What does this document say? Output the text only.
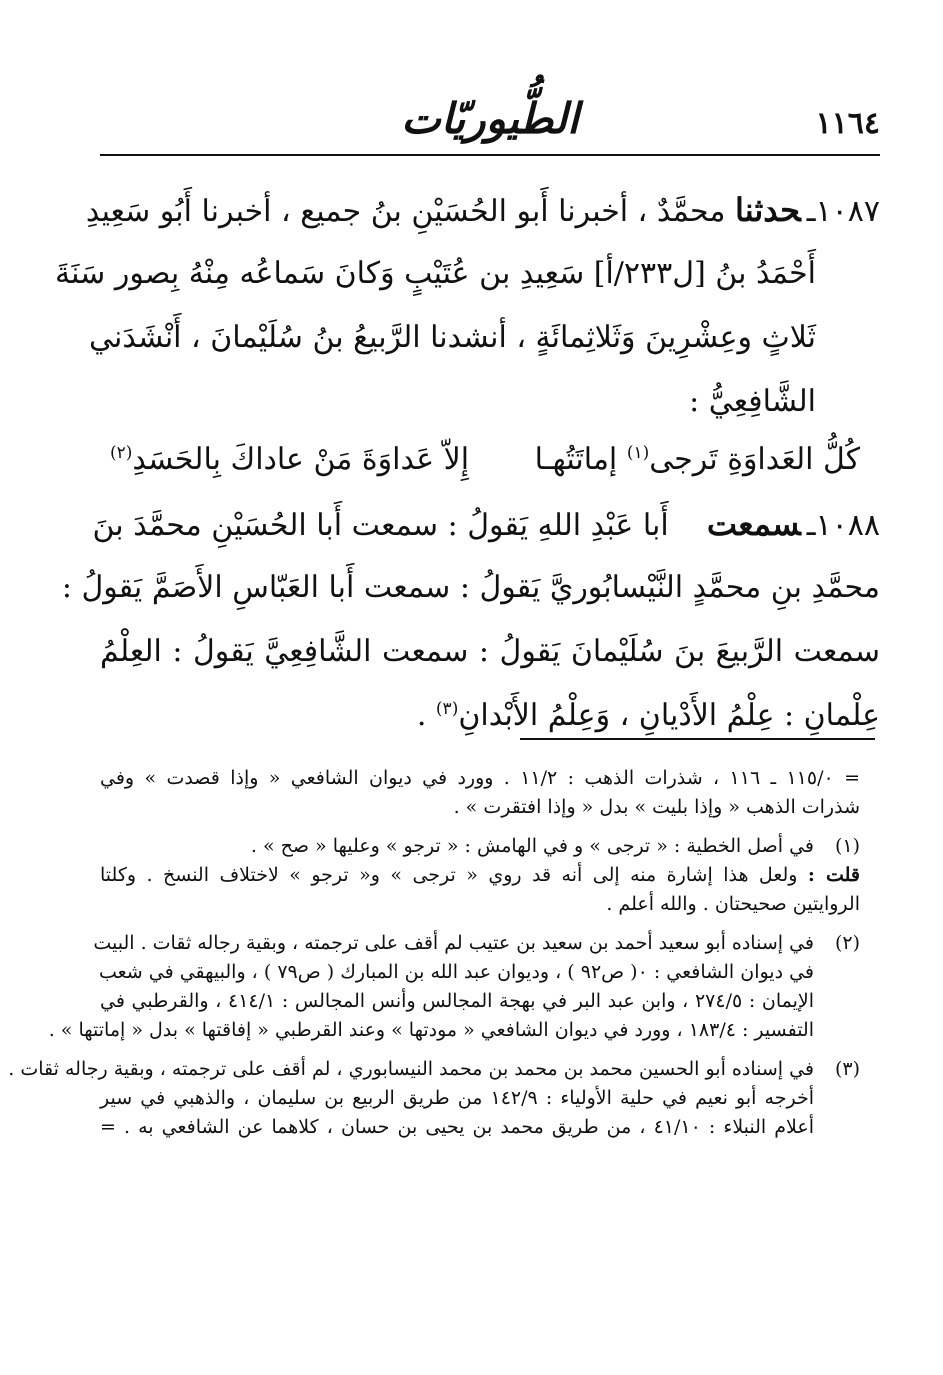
١١٦٤
الطُّيوريّات
١٠٨٧ـحدثنا محمَّدٌ ، أخبرنا أَبو الحُسَيْنِ بنُ جميع ، أخبرنا أَبُو سَعِيدِ
أَحْمَدُ بنُ [ل٢٣٣/أ] سَعِيدِ بن عُتَيْبٍ وَكانَ سَماعُه مِنْهُ بِصور سَنَةَ
ثَلاثٍ وعِشْرِينَ وَثَلاثِمائَةٍ ، أنشدنا الرَّبيعُ بنُ سُلَيْمانَ ، أَنْشَدَني
الشَّافِعِيُّ :
كُلُّ العَداوَةِ تَرجى$^{(١)}$ إماتَتُهـا
إِلاّ عَداوَةَ مَنْ عاداكَ بِالحَسَدِ$^{(٢)}$
١٠٨٨ـسمعت    أَبا عَبْدِ اللهِ يَقولُ : سمعت أَبا الحُسَيْنِ محمَّدَ بنَ
محمَّدِ بنِ محمَّدٍ النَّيْسابُوريَّ يَقولُ : سمعت أَبا العَبّاسِ الأَصَمَّ يَقولُ :
سمعت الرَّبيعَ بنَ سُلَيْمانَ يَقولُ : سمعت الشَّافِعِيَّ يَقولُ : العِلْمُ
عِلْمانِ : عِلْمُ الأَدْيانِ ، وَعِلْمُ الأَبْدانِ$^{(٣)}$ .
= ١١٥/٠ ـ ١١٦ ، شذرات الذهب : ١١/٢ . وورد في ديوان الشافعي « وإذا قصدت » وفي
شذرات الذهب « وإذا بليت » بدل « وإذا افتقرت » .
(١)
في أصل الخطية : « ترجى » و في الهامش : « ترجو » وعليها « صح » .
قلت : ولعل هذا إشارة منه إلى أنه قد روي « ترجى » و« ترجو » لاختلاف النسخ . وكلتا
الروايتين صحيحتان . والله أعلم .
(٢)
في إسناده أبو سعيد أحمد بن سعيد بن عتيب لم أقف على ترجمته ، وبقية رجاله ثقات . البيت
في ديوان الشافعي : ٠( ص٩٢ ) ، وديوان عبد الله بن المبارك ( ص٧٩ ) ، والبيهقي في شعب
الإيمان : ٢٧٤/٥ ، وابن عبد البر في بهجة المجالس وأنس المجالس : ٤١٤/١ ، والقرطبي في
التفسير : ١٨٣/٤ ، وورد في ديوان الشافعي « مودتها » وعند القرطبي « إفاقتها » بدل « إماتتها » .
(٣)
في إسناده أبو الحسين محمد بن محمد بن محمد النيسابوري ، لم أقف على ترجمته ، وبقية رجاله ثقات .
أخرجه أبو نعيم في حلية الأولياء : ١٤٢/٩ من طريق الربيع بن سليمان ، والذهبي في سير
أعلام النبلاء : ٤١/١٠ ، من طريق محمد بن يحيى بن حسان ، كلاهما عن الشافعي به . =
